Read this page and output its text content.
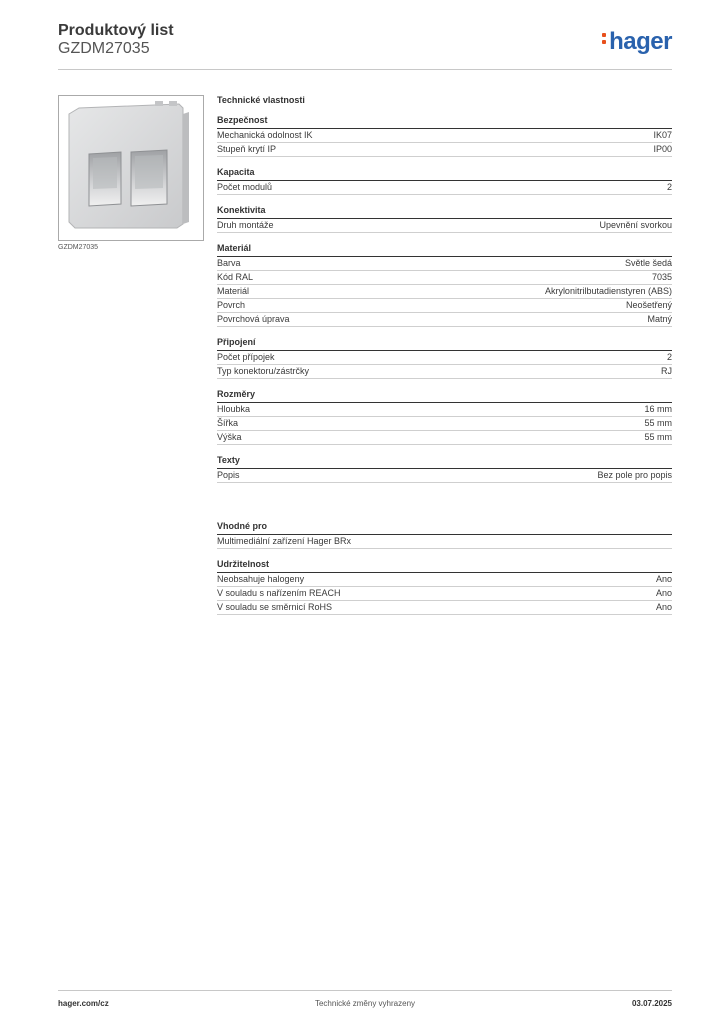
Produktový list
GZDM27035	hager
GZDM27035
Technické vlastnosti
Bezpečnost
Mechanická odolnost IK	IK07
Stupeň krytí IP	IP00
Kapacita
Počet modulů	2
Konektivita
Druh montáže	Upevnění svorkou
Materiál
Barva	Světle šedá
Kód RAL	7035
Materiál	Akrylonitrilbutadienstyren (ABS)
Povrch	Neošetřený
Povrchová úprava	Matný
Připojení
Počet přípojek	2
Typ konektoru/zástrčky	RJ
Rozměry
Hloubka	16 mm
Šířka	55 mm
Výška	55 mm
Texty
Popis	Bez pole pro popis
Vhodné pro
Multimediální zařízení Hager BRx
Udržitelnost
Neobsahuje halogeny	Ano
V souladu s nařízením REACH	Ano
V souladu se směrnicí RoHS	Ano
hager.com/cz	Technické změny vyhrazeny	03.07.2025
